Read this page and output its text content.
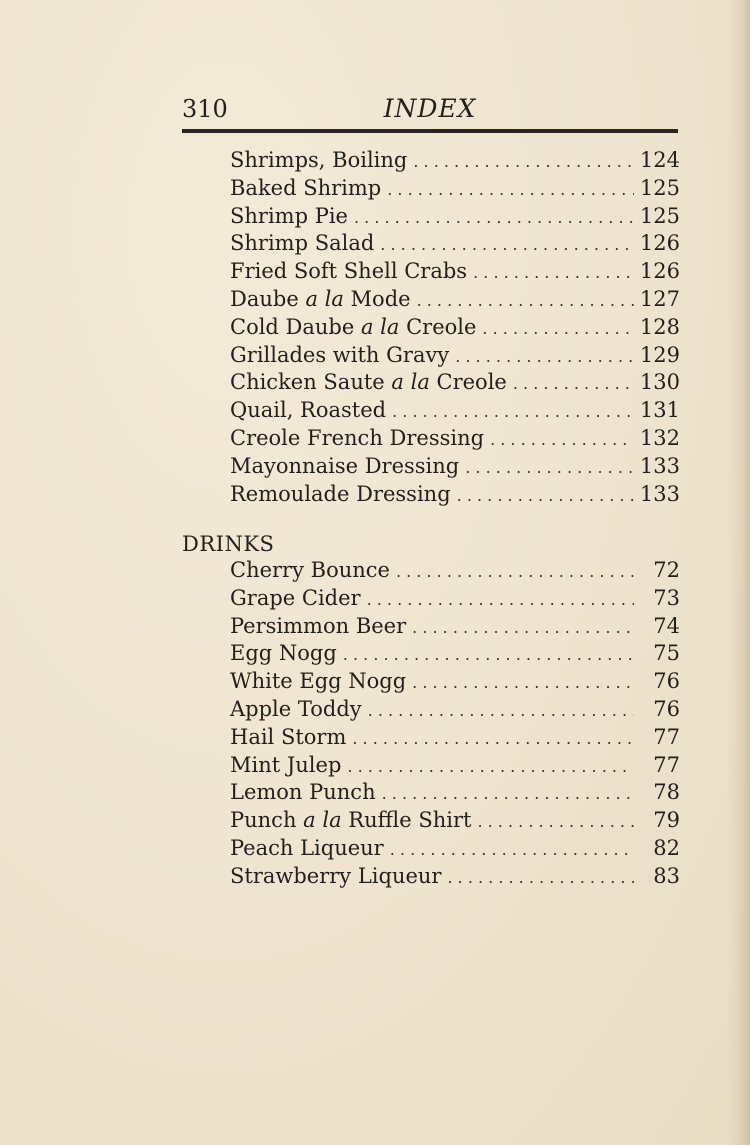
310	INDEX
Shrimps, Boiling . . .	124
Baked Shrimp . . .	125
Shrimp Pie . . .	125
Shrimp Salad . . .	126
Fried Soft Shell Crabs . . .	126
Daube a la Mode . . .	127
Cold Daube a la Creole . . .	128
Grillades with Gravy . . .	129
Chicken Saute a la Creole . . .	130
Quail, Roasted . . .	131
Creole French Dressing . . .	132
Mayonnaise Dressing . . .	133
Remoulade Dressing . . .	133
DRINKS
Cherry Bounce . . .	72
Grape Cider . . .	73
Persimmon Beer . . .	74
Egg Nogg . . .	75
White Egg Nogg . . .	76
Apple Toddy . . .	76
Hail Storm . . .	77
Mint Julep . . .	77
Lemon Punch . . .	78
Punch a la Ruffle Shirt . . .	79
Peach Liqueur . . .	82
Strawberry Liqueur . . .	83
